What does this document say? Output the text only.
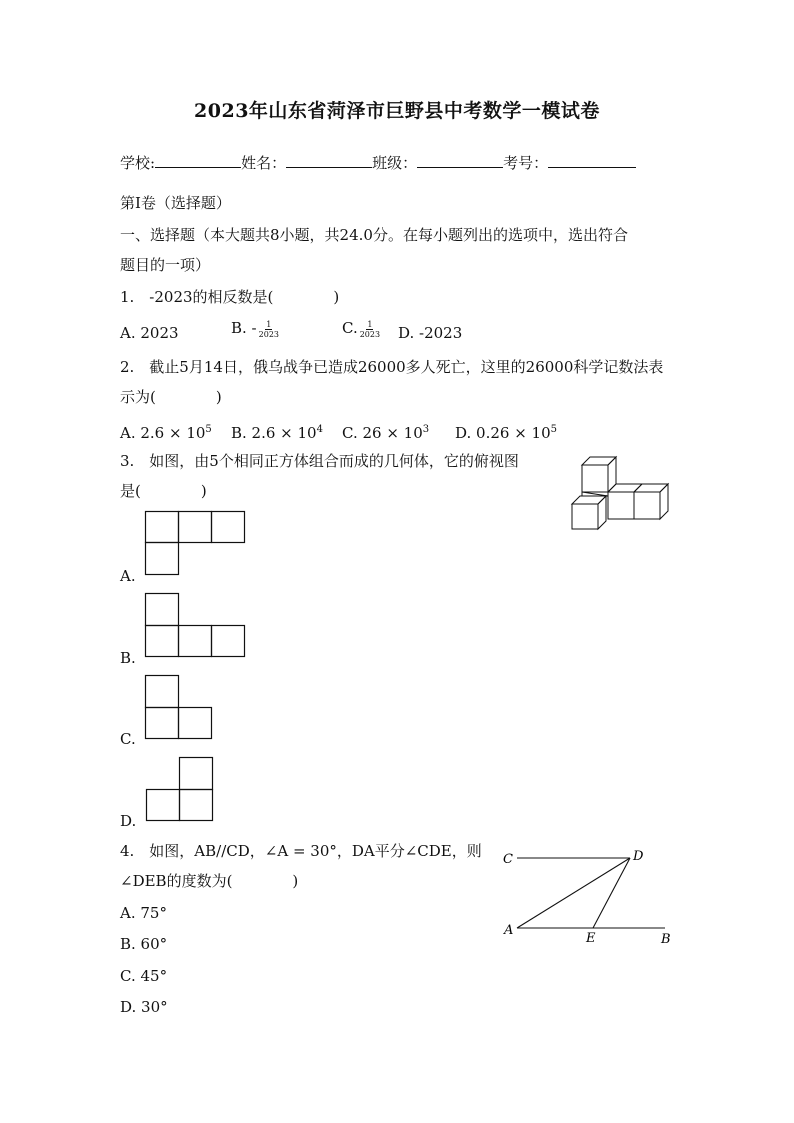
2023年山东省菏泽市巨野县中考数学一模试卷
学校:	姓名：	班级：	考号：
第Ⅰ卷（选择题）
一、选择题（本大题共8小题，共24.0分。在每小题列出的选项中，选出符合
题目的一项）
1.　-2023的相反数是(　　　　)
A. 2023	B. - $\frac{1}{2023}$	C. $\frac{1}{2023} D$. -2023
2.　截止5月14日，俄乌战争已造成26000多人死亡，这里的26000科学记数法表
示为(　　　　)
A. $2.6 \times 10^5$ B. $2.6 \times 10^4$ C. $26 \times 10^3$ D. $0.26 \times 10^5$
3.　如图，由5个相同正方体组合而成的几何体，它的俯视图
是(　　　　)
A.
B.
C.
D.
4.　如图，AB//CD，∠A = 30°，DA平分∠CDE，则
∠DEB的度数为(　　　　)
A. 75°
B. 60°
C. 45°
D. 30°
C	D
A
E	B
